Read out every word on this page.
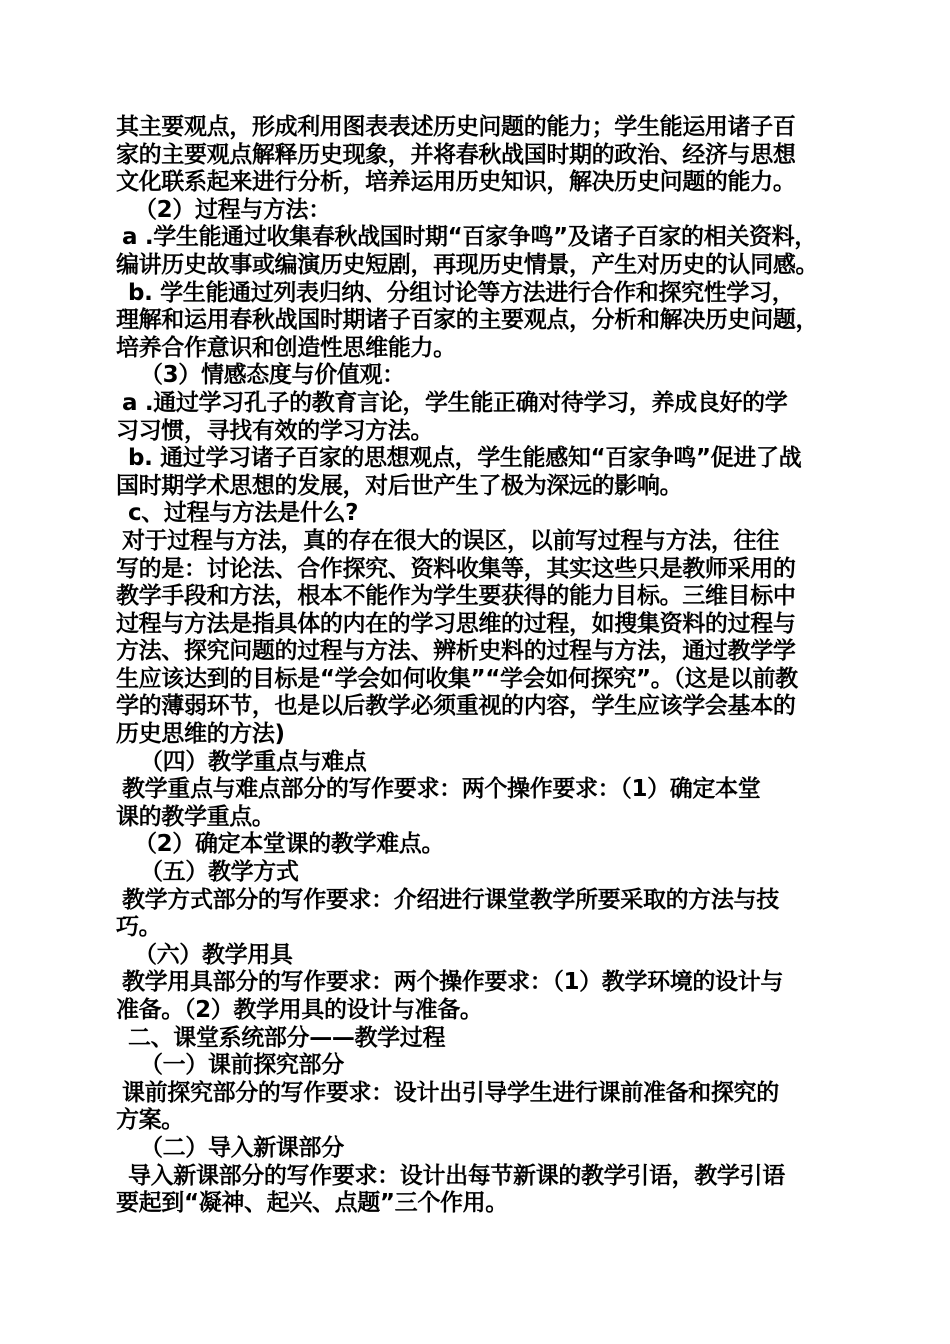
其主要观点，形成利用图表表述历史问题的能力；学生能运用诸子百
家的主要观点解释历史现象，并将春秋战国时期的政治、经济与思想
文化联系起来进行分析，培养运用历史知识，解决历史问题的能力。
（2）过程与方法：
a .学生能通过收集春秋战国时期“百家争鸣”及诸子百家的相关资料，
编讲历史故事或编演历史短剧，再现历史情景，产生对历史的认同感。
b. 学生能通过列表归纳、分组讨论等方法进行合作和探究性学习，
理解和运用春秋战国时期诸子百家的主要观点，分析和解决历史问题，
培养合作意识和创造性思维能力。
（3）情感态度与价值观：
a .通过学习孔子的教育言论，学生能正确对待学习，养成良好的学
习习惯，寻找有效的学习方法。
b. 通过学习诸子百家的思想观点，学生能感知“百家争鸣”促进了战
国时期学术思想的发展，对后世产生了极为深远的影响。
c、过程与方法是什么?
对于过程与方法，真的存在很大的误区，以前写过程与方法，往往
写的是：讨论法、合作探究、资料收集等，其实这些只是教师采用的
教学手段和方法，根本不能作为学生要获得的能力目标。三维目标中
过程与方法是指具体的内在的学习思维的过程，如搜集资料的过程与
方法、探究问题的过程与方法、辨析史料的过程与方法，通过教学学
生应该达到的目标是“学会如何收集”“学会如何探究”。（这是以前教
学的薄弱环节，也是以后教学必须重视的内容，学生应该学会基本的
历史思维的方法)
（四）教学重点与难点
教学重点与难点部分的写作要求：两个操作要求：（1）确定本堂
课的教学重点。
（2）确定本堂课的教学难点。
（五）教学方式
教学方式部分的写作要求：介绍进行课堂教学所要采取的方法与技
巧。
（六）教学用具
教学用具部分的写作要求：两个操作要求：（1）教学环境的设计与
准备。（2）教学用具的设计与准备。
二、课堂系统部分——教学过程
（一）课前探究部分
课前探究部分的写作要求：设计出引导学生进行课前准备和探究的
方案。
（二）导入新课部分
导入新课部分的写作要求：设计出每节新课的教学引语，教学引语
要起到“凝神、起兴、点题”三个作用。
